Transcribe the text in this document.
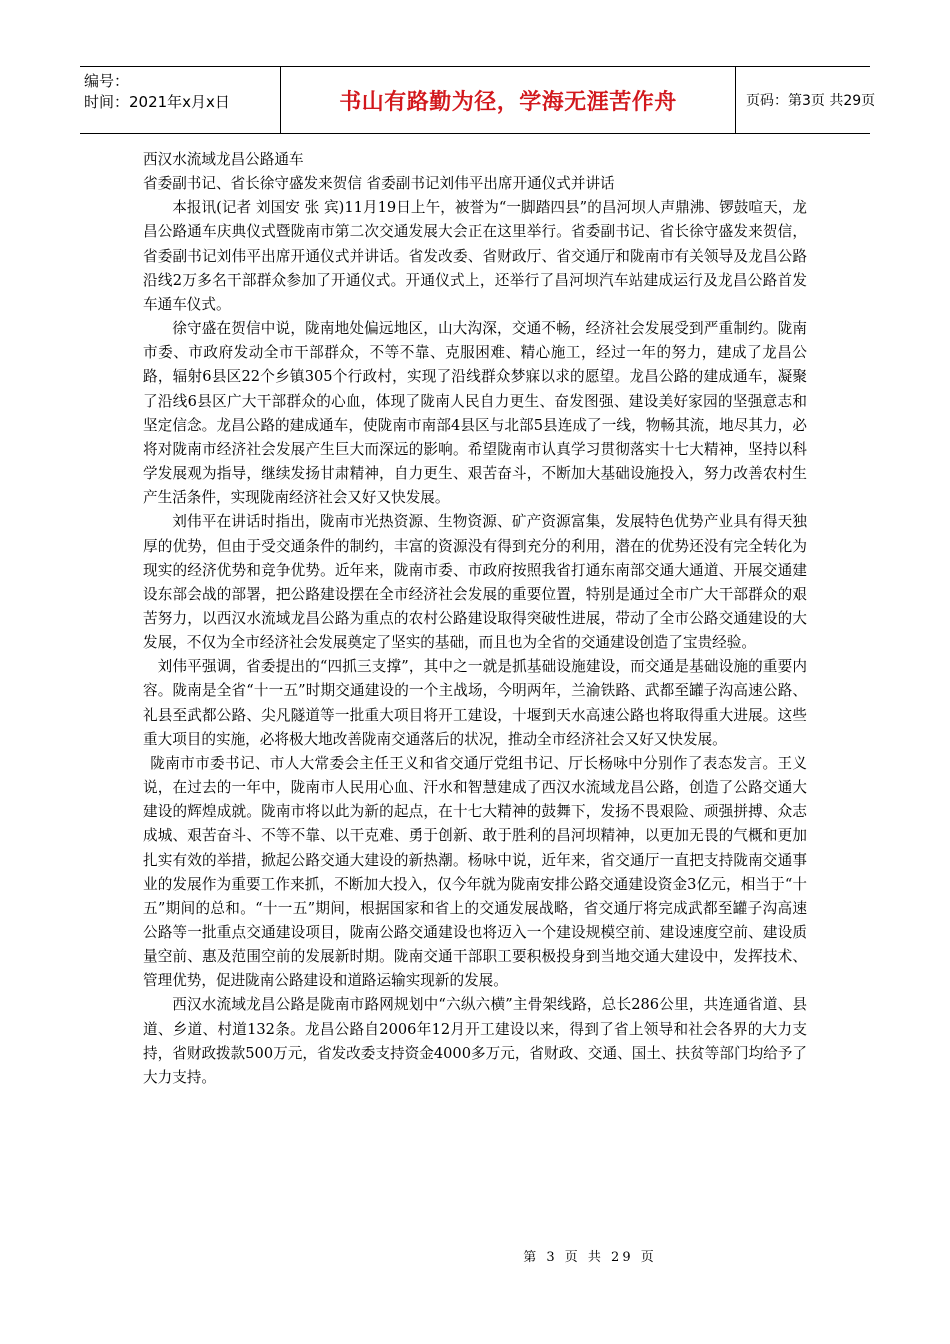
编号：
时间：2021年x月x日	书山有路勤为径，学海无涯苦作舟	页码：第3页 共29页

西汉水流域龙昌公路通车

省委副书记、省长徐守盛发来贺信 省委副书记刘伟平出席开通仪式并讲话

本报讯(记者 刘国安 张 宾)11月19日上午，被誉为“一脚踏四县”的昌河坝人声鼎沸、锣鼓喧天，龙昌公路通车庆典仪式暨陇南市第二次交通发展大会正在这里举行。省委副书记、省长徐守盛发来贺信，省委副书记刘伟平出席开通仪式并讲话。省发改委、省财政厅、省交通厅和陇南市有关领导及龙昌公路沿线2万多名干部群众参加了开通仪式。开通仪式上，还举行了昌河坝汽车站建成运行及龙昌公路首发车通车仪式。

徐守盛在贺信中说，陇南地处偏远地区，山大沟深，交通不畅，经济社会发展受到严重制约。陇南市委、市政府发动全市干部群众，不等不靠、克服困难、精心施工，经过一年的努力，建成了龙昌公路，辐射6县区22个乡镇305个行政村，实现了沿线群众梦寐以求的愿望。龙昌公路的建成通车，凝聚了沿线6县区广大干部群众的心血，体现了陇南人民自力更生、奋发图强、建设美好家园的坚强意志和坚定信念。龙昌公路的建成通车，使陇南市南部4县区与北部5县连成了一线，物畅其流，地尽其力，必将对陇南市经济社会发展产生巨大而深远的影响。希望陇南市认真学习贯彻落实十七大精神，坚持以科学发展观为指导，继续发扬甘肃精神，自力更生、艰苦奋斗，不断加大基础设施投入，努力改善农村生产生活条件，实现陇南经济社会又好又快发展。

刘伟平在讲话时指出，陇南市光热资源、生物资源、矿产资源富集，发展特色优势产业具有得天独厚的优势，但由于受交通条件的制约，丰富的资源没有得到充分的利用，潜在的优势还没有完全转化为现实的经济优势和竞争优势。近年来，陇南市委、市政府按照我省打通东南部交通大通道、开展交通建设东部会战的部署，把公路建设摆在全市经济社会发展的重要位置，特别是通过全市广大干部群众的艰苦努力，以西汉水流域龙昌公路为重点的农村公路建设取得突破性进展，带动了全市公路交通建设的大发展，不仅为全市经济社会发展奠定了坚实的基础，而且也为全省的交通建设创造了宝贵经验。

刘伟平强调，省委提出的“四抓三支撑”，其中之一就是抓基础设施建设，而交通是基础设施的重要内容。陇南是全省“十一五”时期交通建设的一个主战场，今明两年，兰渝铁路、武都至罐子沟高速公路、礼县至武都公路、尖凡隧道等一批重大项目将开工建设，十堰到天水高速公路也将取得重大进展。这些重大项目的实施，必将极大地改善陇南交通落后的状况，推动全市经济社会又好又快发展。

陇南市市委书记、市人大常委会主任王义和省交通厅党组书记、厅长杨咏中分别作了表态发言。王义说，在过去的一年中，陇南市人民用心血、汗水和智慧建成了西汉水流域龙昌公路，创造了公路交通大建设的辉煌成就。陇南市将以此为新的起点，在十七大精神的鼓舞下，发扬不畏艰险、顽强拼搏、众志成城、艰苦奋斗、不等不靠、以干克难、勇于创新、敢于胜利的昌河坝精神，以更加无畏的气概和更加扎实有效的举措，掀起公路交通大建设的新热潮。杨咏中说，近年来，省交通厅一直把支持陇南交通事业的发展作为重要工作来抓，不断加大投入，仅今年就为陇南安排公路交通建设资金3亿元，相当于“十五”期间的总和。“十一五”期间，根据国家和省上的交通发展战略，省交通厅将完成武都至罐子沟高速公路等一批重点交通建设项目，陇南公路交通建设也将迈入一个建设规模空前、建设速度空前、建设质量空前、惠及范围空前的发展新时期。陇南交通干部职工要积极投身到当地交通大建设中，发挥技术、管理优势，促进陇南公路建设和道路运输实现新的发展。

西汉水流域龙昌公路是陇南市路网规划中“六纵六横”主骨架线路，总长286公里，共连通省道、县道、乡道、村道132条。龙昌公路自2006年12月开工建设以来，得到了省上领导和社会各界的大力支持，省财政拨款500万元，省发改委支持资金4000多万元，省财政、交通、国土、扶贫等部门均给予了大力支持。

第 3 页 共 29 页
